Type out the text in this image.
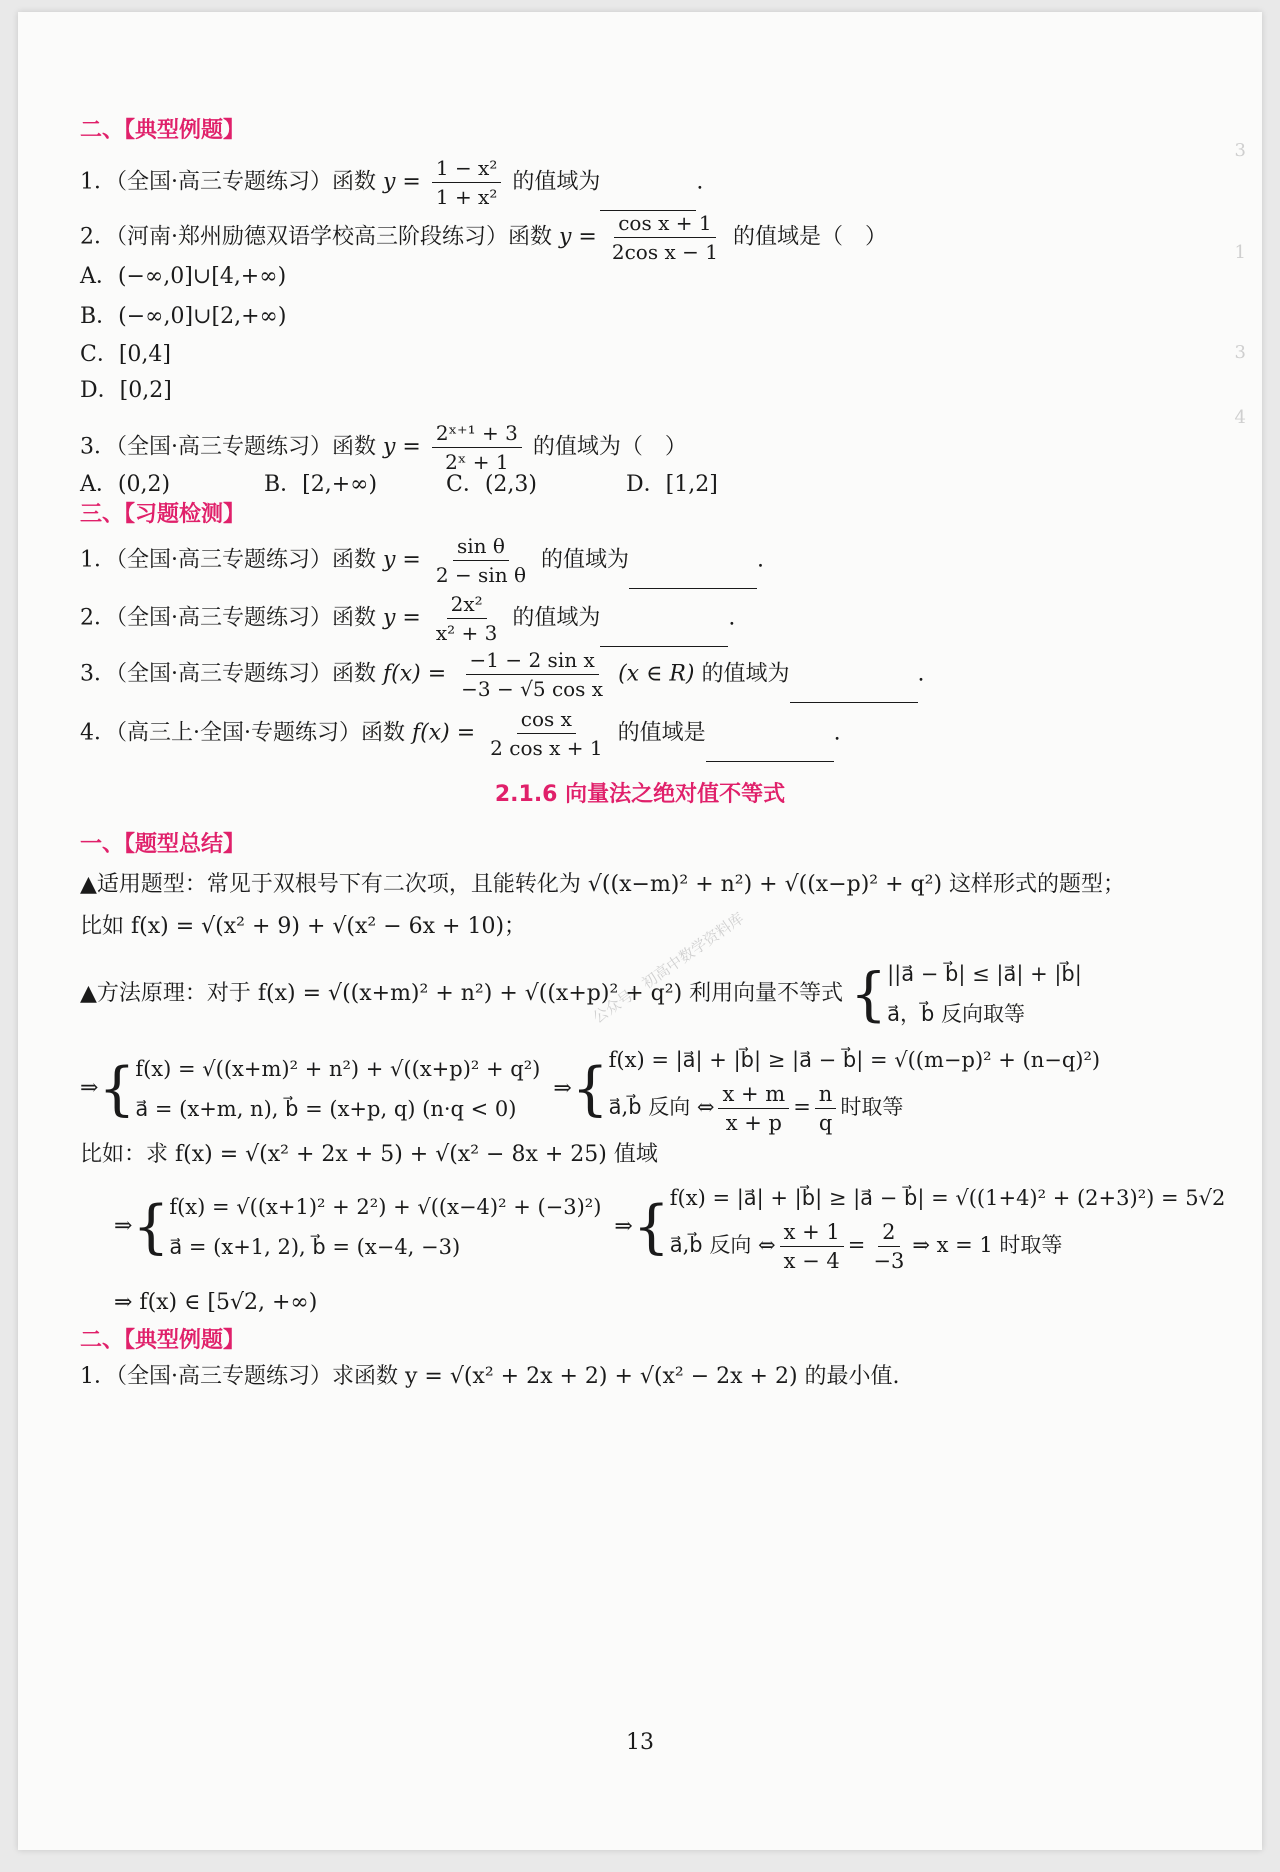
二、【典型例题】
1．（全国·高三专题练习）函数 $y = \frac{\text{1 − x²}}{\text{1 + x²}}$ 的值域为	.
2．（河南·郑州励德双语学校高三阶段练习）函数 $y = \frac{\text{cos x + 1}}{\text{2cos x − 1}}$ 的值域是（　）
A．(−∞,0]∪[4,+∞)
B．(−∞,0]∪[2,+∞)
C．[0,4]
D．[0,2]
3．（全国·高三专题练习）函数 $y = \frac{\text{2ˣ⁺¹ + 3}}{\text{2ˣ + 1}}$ 的值域为（　）
A．(0,2)	B．[2,+∞)	C．(2,3)	D．[1,2]
三、【习题检测】
1．（全国·高三专题练习）函数 $y = \frac{\text{sin θ}}{\text{2 − sin θ}}$ 的值域为	.
2．（全国·高三专题练习）函数 $y = \frac{\text{2x²}}{\text{x² + 3}}$ 的值域为	.
3．（全国·高三专题练习）函数 $f(x) = \frac{\text{−1 − 2 sin x}}{\text{−3 − √5 cos x}} (x$ ∈ R) 的值域为	.
4．（高三上·全国·专题练习）函数 $f(x) = \frac{\text{cos x}}{\text{2 cos x + 1}}$ 的值域是	.
2.1.6 向量法之绝对值不等式
公众号：初高中数学资料库
一、【题型总结】
▲适用题型：常见于双根号下有二次项，且能转化为 √((x−m)² + n²) + √((x−p)² + q²) 这样形式的题型；
比如 f(x) = √(x² + 9) + √(x² − 6x + 10)；
▲方法原理：对于 f(x) = √((x+m)² + n²) + √((x+p)² + q²) 利用向量不等式 { ||a⃗ − b⃗| ≤ |a⃗| + |b⃗|
a⃗，b⃗ 反向取等
⇒{ f(x) = √((x+m)² + n²) + √((x+p)² + q²)
a⃗ = (x+m, n), b⃗ = (x+p, q) (n·q < 0)
⇒{ f(x) = |a⃗| + |b⃗| ≥ |a⃗ − b⃗| = √((m−p)² + (n−q)²)
a⃗,b⃗ 反向 ⇔ $\frac{x + m}{x + p} = \frac{n}{q}$ 时取等
比如：求 f(x) = √(x² + 2x + 5) + √(x² − 8x + 25) 值域
⇒{ f(x) = √((x+1)² + 2²) + √((x−4)² + (−3)²)
a⃗ = (x+1, 2), b⃗ = (x−4, −3)
⇒{ f(x) = |a⃗| + |b⃗| ≥ |a⃗ − b⃗| = √((1+4)² + (2+3)²) = 5√2
a⃗,b⃗ 反向 ⇔ $\frac{x + 1}{x - 4} = \frac{2}{-3}$ ⇒ x = 1 时取等
⇒ f(x) ∈ [5√2, +∞)
二、【典型例题】
1．（全国·高三专题练习）求函数 y = √(x² + 2x + 2) + √(x² − 2x + 2) 的最小值.
13
3
1
3
4
